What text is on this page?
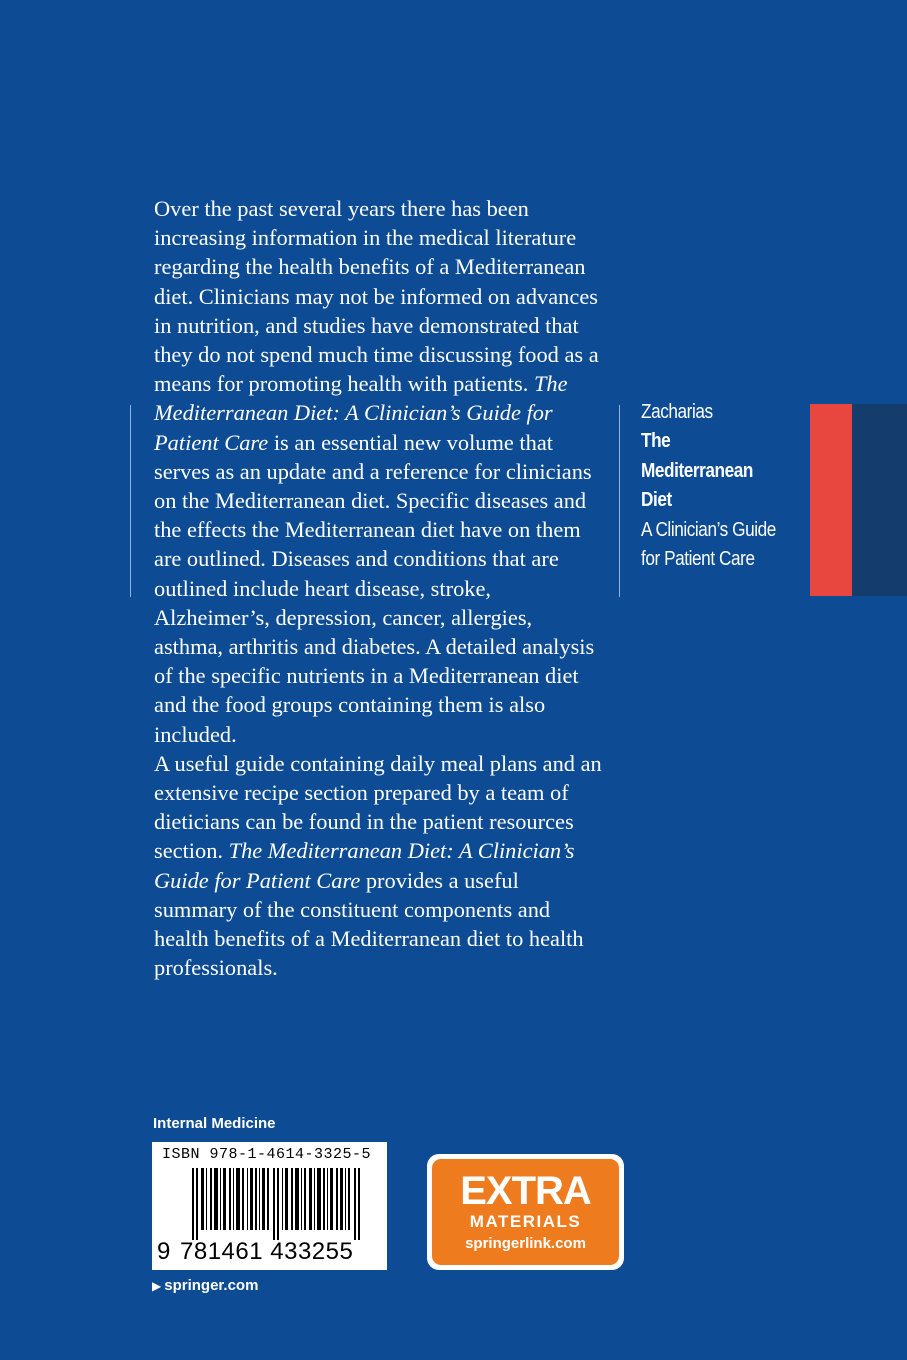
Over the past several years there has been increasing information in the medical literature regarding the health benefits of a Mediterranean diet. Clinicians may not be informed on advances in nutrition, and studies have demonstrated that they do not spend much time discussing food as a means for promoting health with patients. The Mediterranean Diet: A Clinician’s Guide for Patient Care is an essential new volume that serves as an update and a reference for clinicians on the Mediterranean diet. Specific diseases and the effects the Mediterranean diet have on them are outlined. Diseases and conditions that are outlined include heart disease, stroke, Alzheimer’s, depression, cancer, allergies, asthma, arthritis and diabetes. A detailed analysis of the specific nutrients in a Mediterranean diet and the food groups containing them is also included.
A useful guide containing daily meal plans and an extensive recipe section prepared by a team of dieticians can be found in the patient resources section. The Mediterranean Diet: A Clinician’s Guide for Patient Care provides a useful summary of the constituent components and health benefits of a Mediterranean diet to health professionals.
Zacharias
The
Mediterranean
Diet
A Clinician’s Guide
for Patient Care
Internal Medicine
ISBN 978-1-4614-3325-5
9 781461 433255
▶ springer.com
EXTRA
MATERIALS
springerlink.com
